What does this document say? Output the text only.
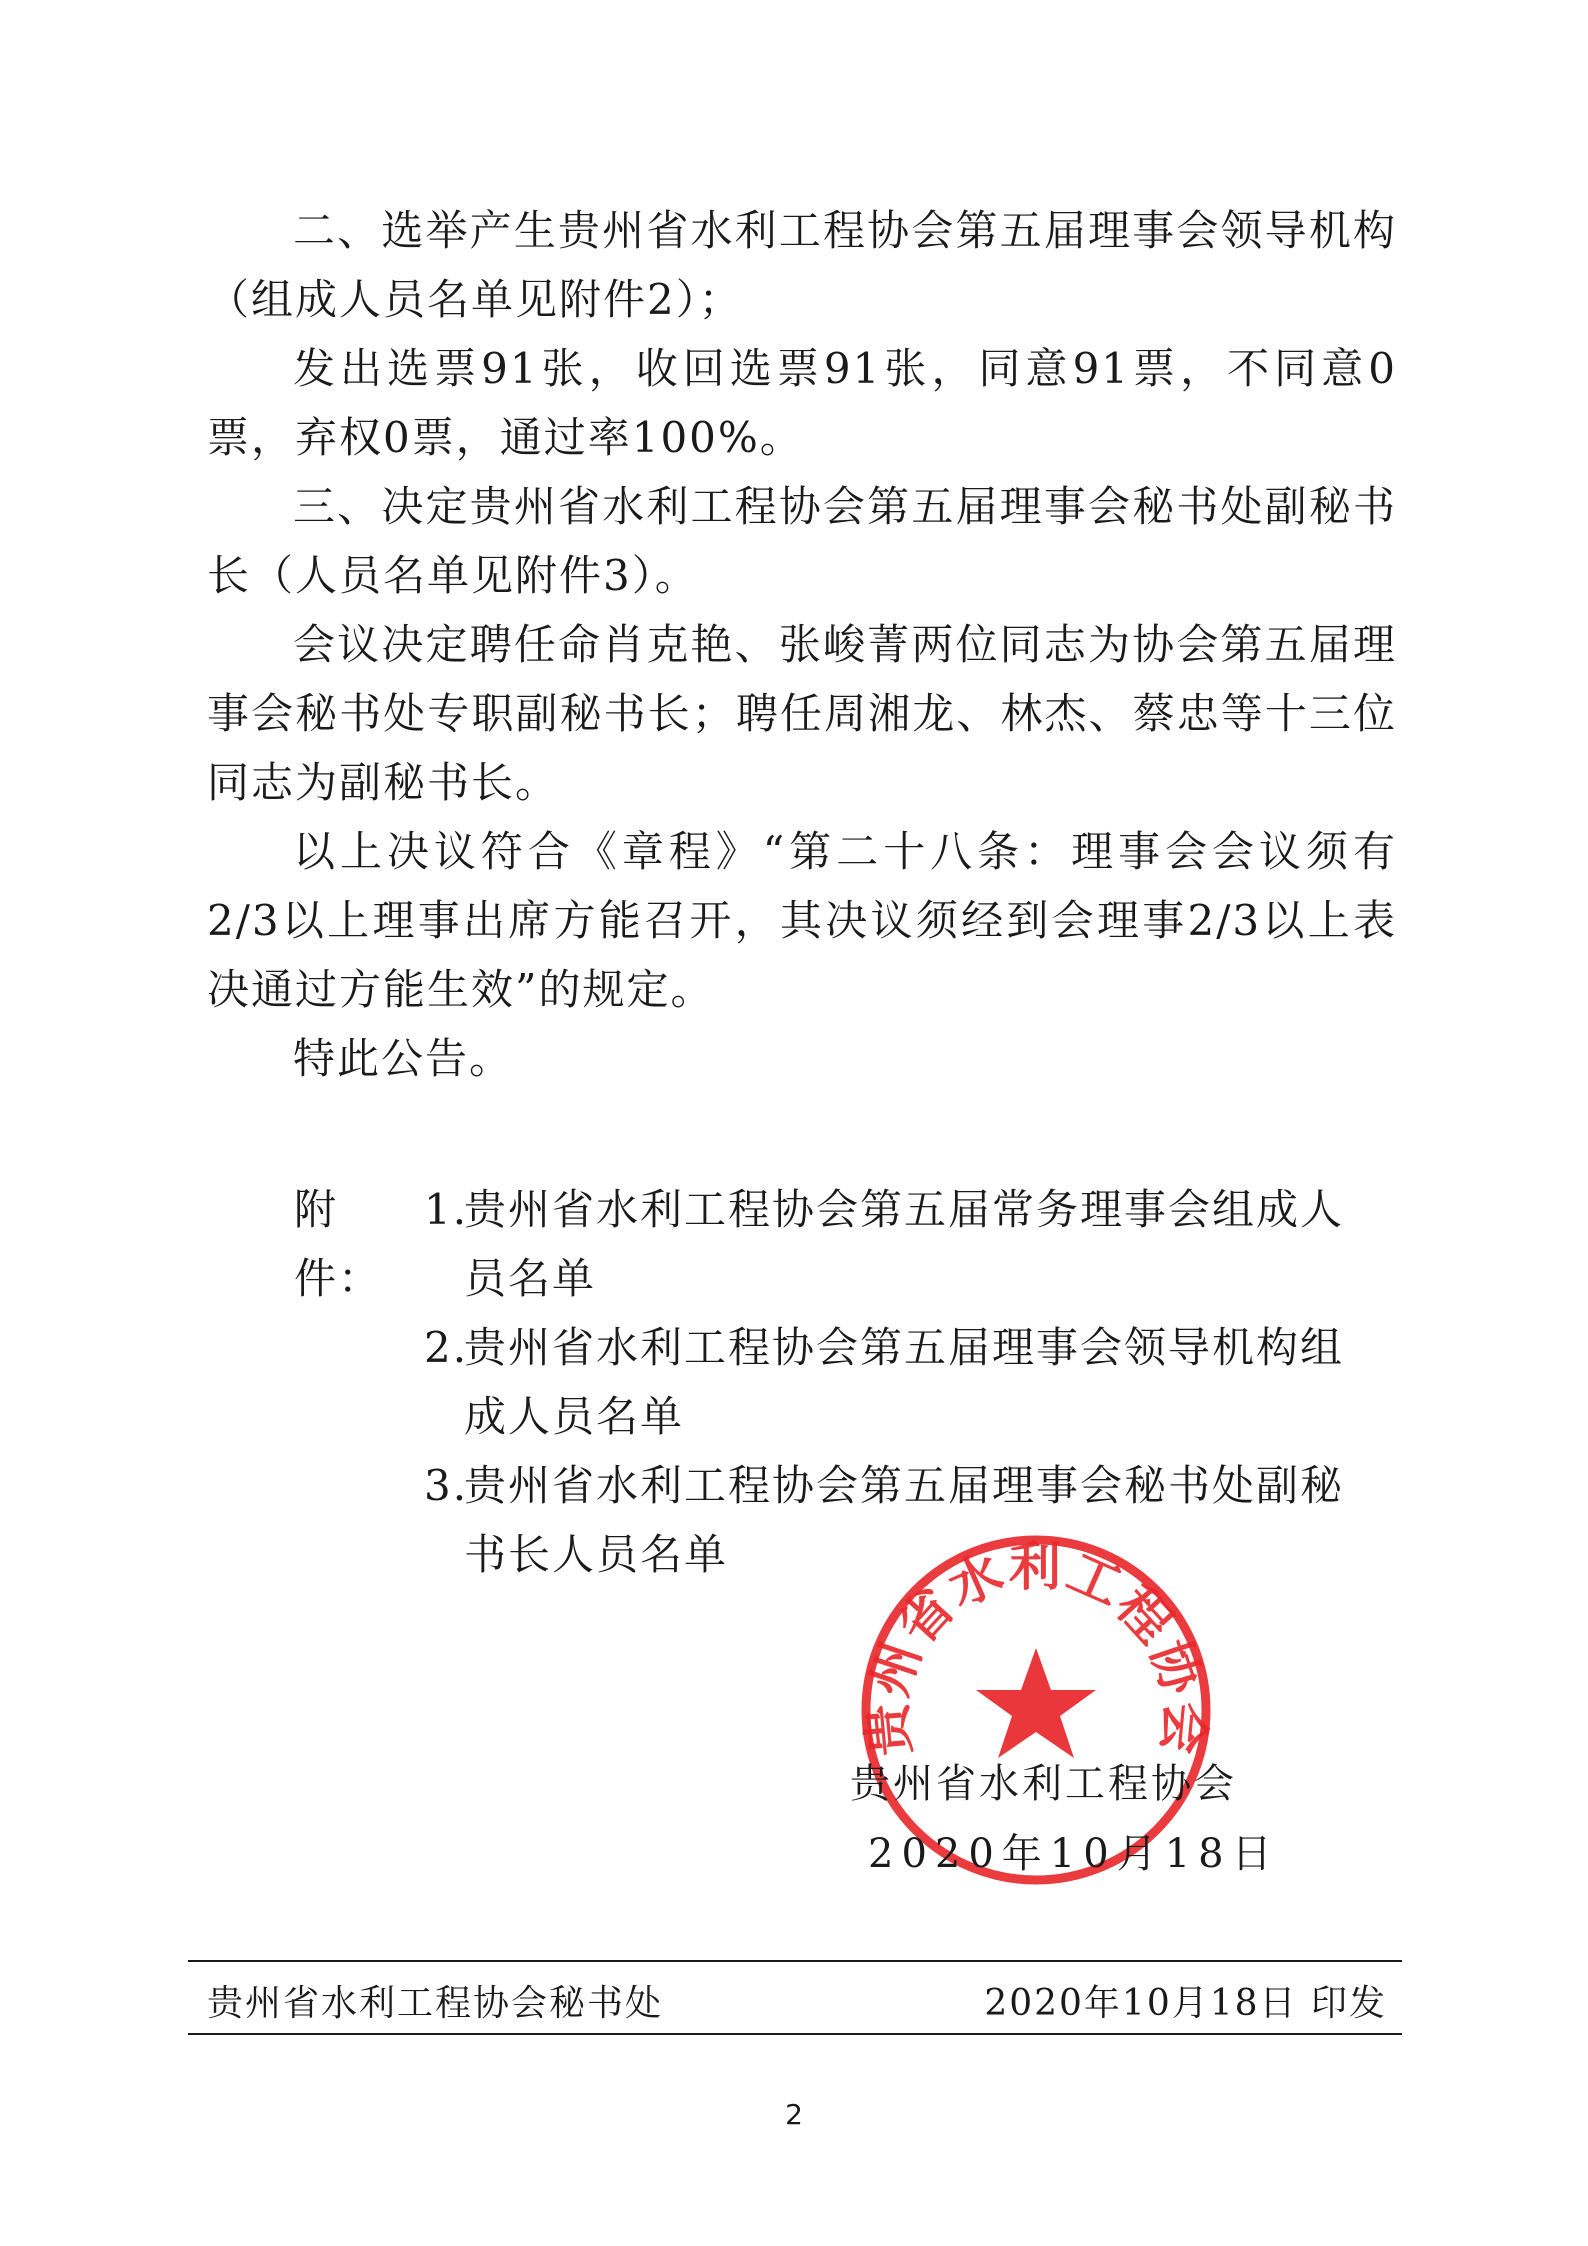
二、选举产生贵州省水利工程协会第五届理事会领导机构（组成人员名单见附件2）；

发出选票91张，收回选票91张，同意91票，不同意0票，弃权0票，通过率100%。

三、决定贵州省水利工程协会第五届理事会秘书处副秘书长（人员名单见附件3）。

会议决定聘任命肖克艳、张峻菁两位同志为协会第五届理事会秘书处专职副秘书长；聘任周湘龙、林杰、蔡忠等十三位同志为副秘书长。

以上决议符合《章程》“第二十八条：理事会会议须有2/3以上理事出席方能召开，其决议须经到会理事2/3以上表决通过方能生效”的规定。

特此公告。

附件：
1.
贵州省水利工程协会第五届常务理事会组成人员名单
2.
贵州省水利工程协会第五届理事会领导机构组成人员名单
3.
贵州省水利工程协会第五届理事会秘书处副秘书长人员名单
贵州省水利工程协会
贵州省水利工程协会
2020年10月18日
贵州省水利工程协会秘书处	2020年10月18日 印发
2
